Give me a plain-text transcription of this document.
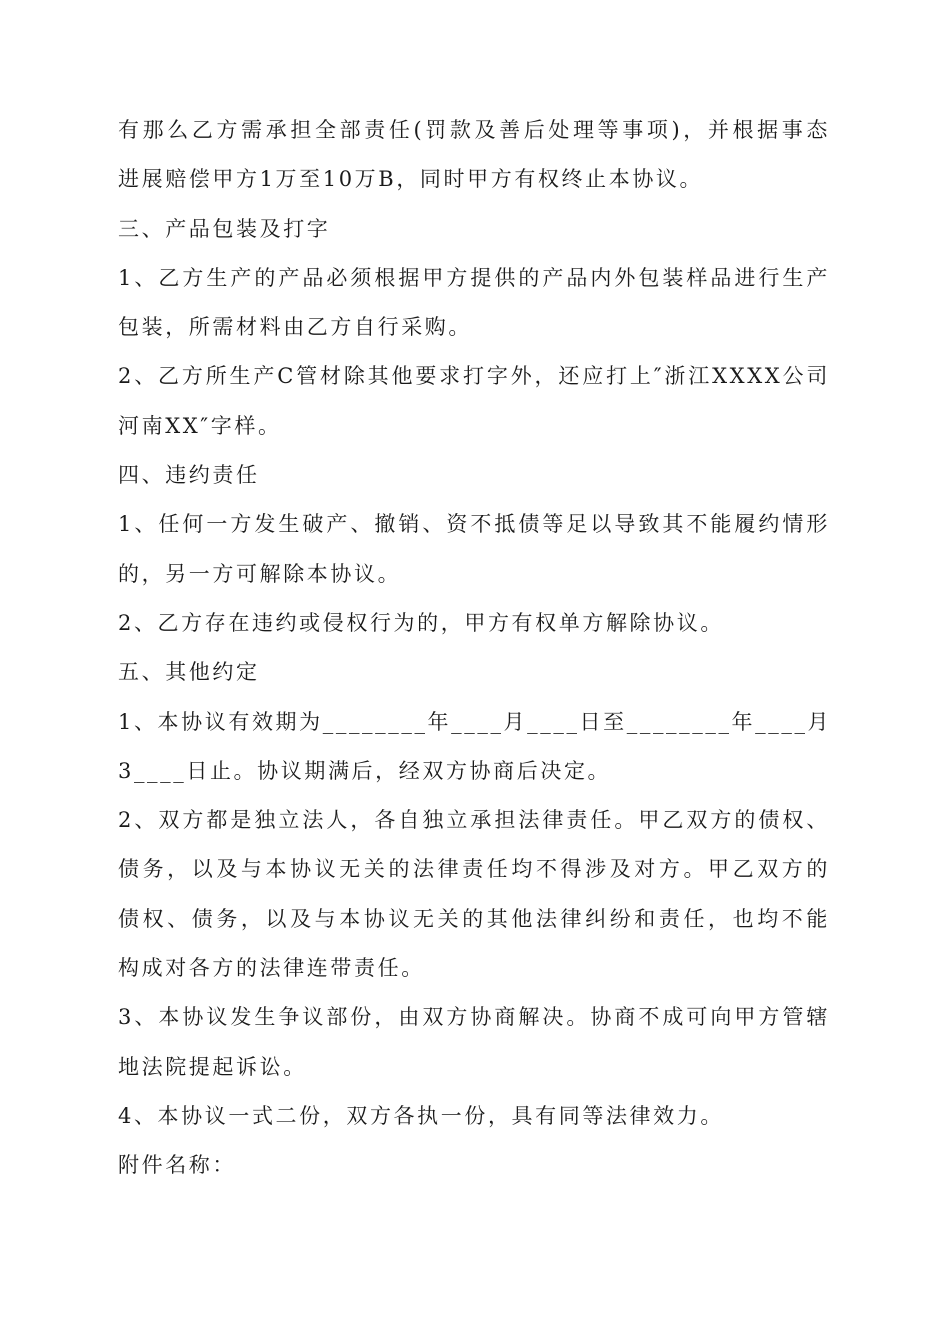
有那么乙方需承担全部责任(罚款及善后处理等事项)，并根据事态
进展赔偿甲方1万至10万B，同时甲方有权终止本协议。
三、产品包装及打字
1、乙方生产的产品必须根据甲方提供的产品内外包装样品进行生产
包装，所需材料由乙方自行采购。
2、乙方所生产C管材除其他要求打字外，还应打上″浙江XXXX公司
河南XX″字样。
四、违约责任
1、任何一方发生破产、撤销、资不抵债等足以导致其不能履约情形
的，另一方可解除本协议。
2、乙方存在违约或侵权行为的，甲方有权单方解除协议。
五、其他约定
1、本协议有效期为________年____月____日至________年____月
3____日止。协议期满后，经双方协商后决定。
2、双方都是独立法人，各自独立承担法律责任。甲乙双方的债权、
债务，以及与本协议无关的法律责任均不得涉及对方。甲乙双方的
债权、债务，以及与本协议无关的其他法律纠纷和责任，也均不能
构成对各方的法律连带责任。
3、本协议发生争议部份，由双方协商解决。协商不成可向甲方管辖
地法院提起诉讼。
4、本协议一式二份，双方各执一份，具有同等法律效力。
附件名称：
